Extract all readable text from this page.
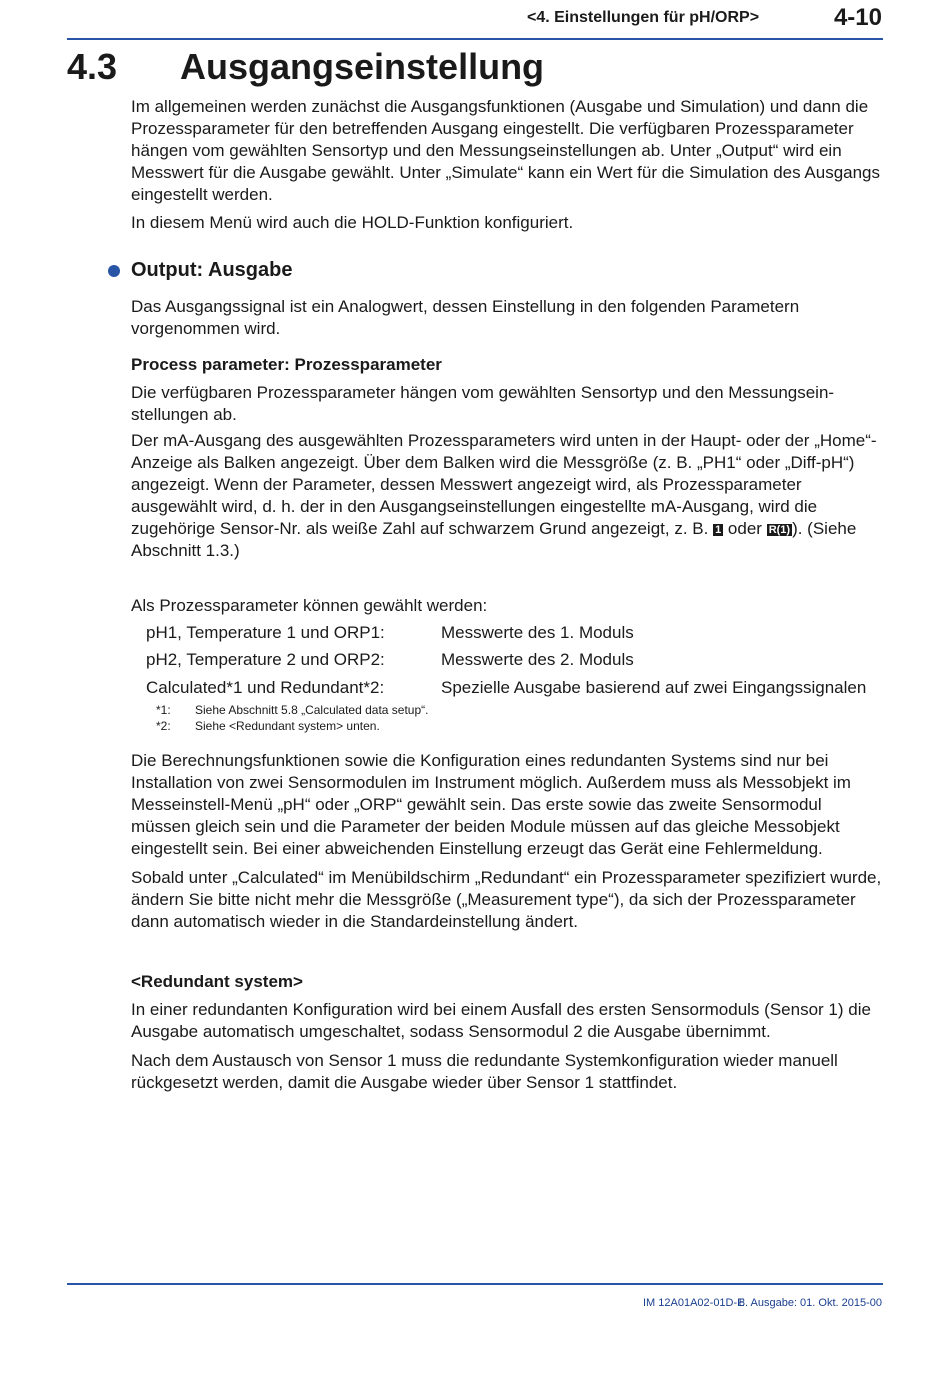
<4. Einstellungen für pH/ORP>	4-10
4.3 Ausgangseinstellung

Im allgemeinen werden zunächst die Ausgangsfunktionen (Ausgabe und Simulation) und dann die Prozessparameter für den betreffenden Ausgang eingestellt. Die verfügbaren Prozessparameter hängen vom gewählten Sensortyp und den Messungseinstellungen ab. Unter „Output“ wird ein Messwert für die Ausgabe gewählt. Unter „Simulate“ kann ein Wert für die Simulation des Ausgangs eingestellt werden.

In diesem Menü wird auch die HOLD-Funktion konfiguriert.

Output: Ausgabe

Das Ausgangssignal ist ein Analogwert, dessen Einstellung in den folgenden Parametern vorgenommen wird.

Process parameter: Prozessparameter

Die verfügbaren Prozessparameter hängen vom gewählten Sensortyp und den Messungsein-stellungen ab.

Der mA-Ausgang des ausgewählten Prozessparameters wird unten in der Haupt- oder der „Home“-Anzeige als Balken angezeigt. Über dem Balken wird die Messgröße (z. B. „PH1“ oder „Diff-pH“) angezeigt. Wenn der Parameter, dessen Messwert angezeigt wird, als Prozessparameter ausgewählt wird, d. h. der in den Ausgangseinstellungen eingestellte mA-Ausgang, wird die zugehörige Sensor-Nr. als weiße Zahl auf schwarzem Grund angezeigt, z. B. 1 oder R(1) ). (Siehe Abschnitt 1.3.)

Als Prozessparameter können gewählt werden:

pH1, Temperature 1 und ORP1:	Messwerte des 1. Moduls
pH2, Temperature 2 und ORP2:	Messwerte des 2. Moduls
Calculated*1 und Redundant*2:	Spezielle Ausgabe basierend auf zwei Eingangssignalen
*1: Siehe Abschnitt 5.8 „Calculated data setup“.
*2: Siehe <Redundant system> unten.

Die Berechnungsfunktionen sowie die Konfiguration eines redundanten Systems sind nur bei Installation von zwei Sensormodulen im Instrument möglich. Außerdem muss als Messobjekt im Messeinstell-Menü „pH“ oder „ORP“ gewählt sein. Das erste sowie das zweite Sensormodul müssen gleich sein und die Parameter der beiden Module müssen auf das gleiche Messobjekt eingestellt sein. Bei einer abweichenden Einstellung erzeugt das Gerät eine Fehlermeldung.

Sobald unter „Calculated“ im Menübildschirm „Redundant“ ein Prozessparameter spezifiziert wurde, ändern Sie bitte nicht mehr die Messgröße („Measurement type“), da sich der Prozessparameter dann automatisch wieder in die Standardeinstellung ändert.

<Redundant system>

In einer redundanten Konfiguration wird bei einem Ausfall des ersten Sensormoduls (Sensor 1) die Ausgabe automatisch umgeschaltet, sodass Sensormodul 2 die Ausgabe übernimmt.

Nach dem Austausch von Sensor 1 muss die redundante Systemkonfiguration wieder manuell rückgesetzt werden, damit die Ausgabe wieder über Sensor 1 stattfindet.

IM 12A01A02-01D-E
8. Ausgabe: 01. Okt. 2015-00
